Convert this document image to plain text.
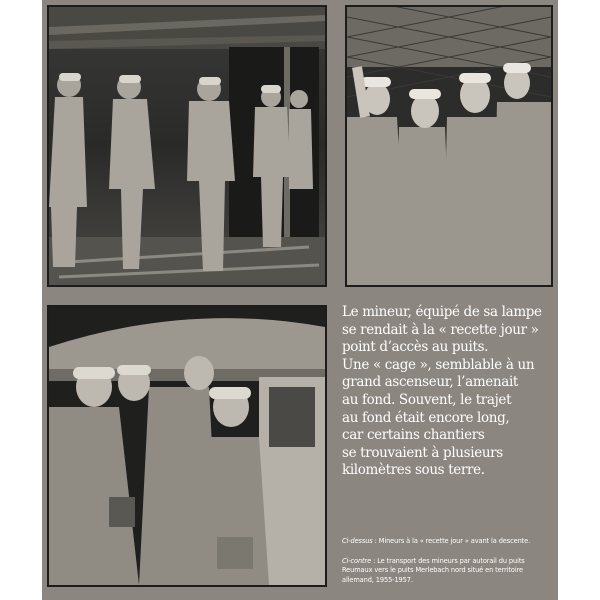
Le mineur, équipé de sa lampe
se rendait à la « recette jour »
point d’accès au puits.
Une « cage », semblable à un
grand ascenseur, l’amenait
au fond. Souvent, le trajet
au fond était encore long,
car certains chantiers
se trouvaient à plusieurs
kilomètres sous terre.

Ci-dessus : Mineurs à la « recette jour » avant la descente.

Ci-contre : Le transport des mineurs par autorail du puits
Reumaux vers le puits Merlebach nord situé en territoire
allemand, 1955-1957.
